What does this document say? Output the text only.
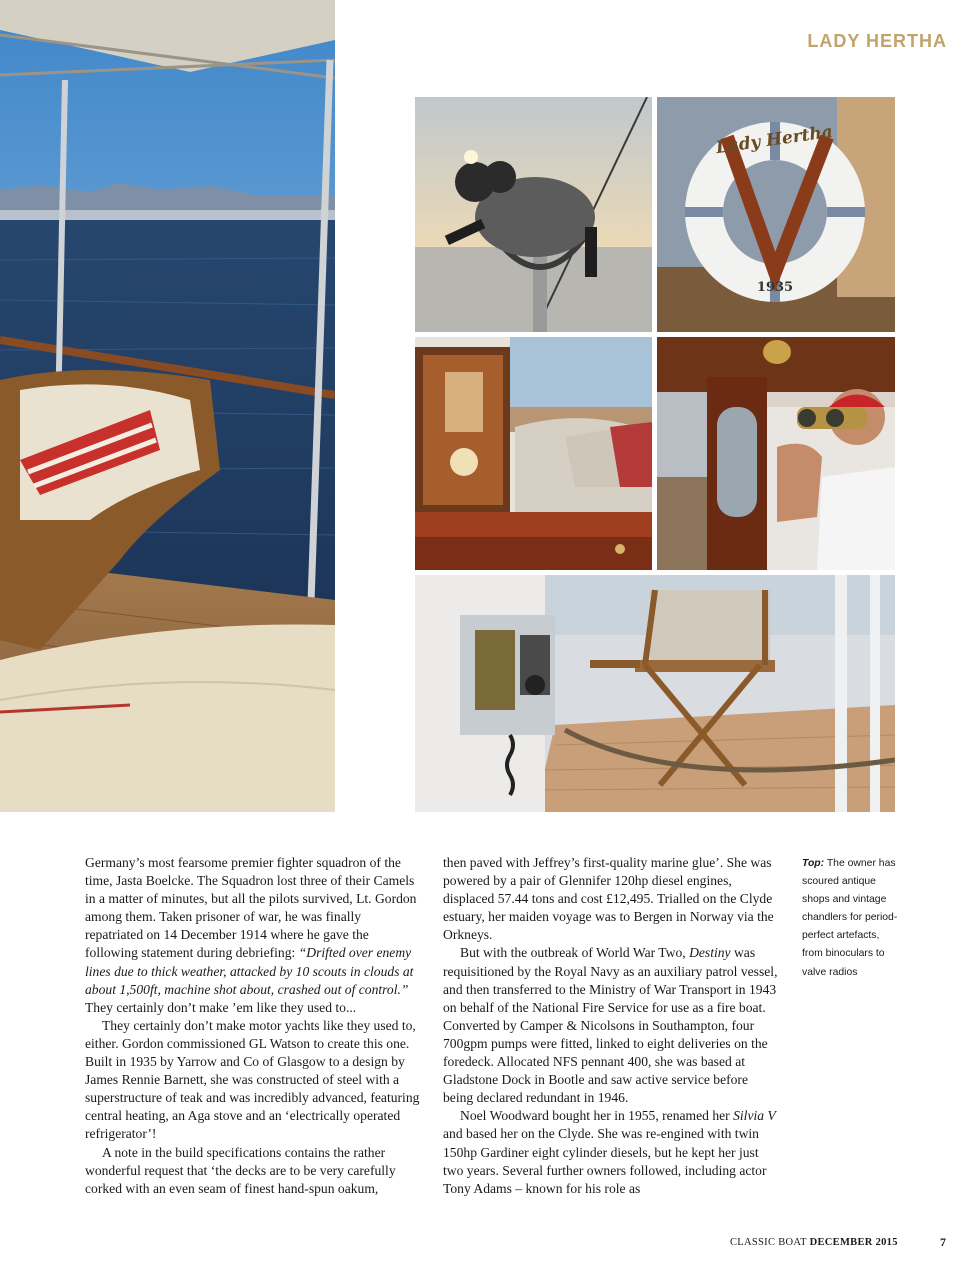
LADY HERTHA
Lady Hertha
1935

Germany’s most fearsome premier fighter squadron of the time, Jasta Boelcke. The Squadron lost three of their Camels in a matter of minutes, but all the pilots survived, Lt. Gordon among them. Taken prisoner of war, he was finally repatriated on 14 December 1914 where he gave the following statement during debriefing: “Drifted over enemy lines due to thick weather, attacked by 10 scouts in clouds at about 1,500ft, machine shot about, crashed out of control.” They certainly don’t make ’em like they used to...

They certainly don’t make motor yachts like they used to, either. Gordon commissioned GL Watson to create this one. Built in 1935 by Yarrow and Co of Glasgow to a design by James Rennie Barnett, she was constructed of steel with a superstructure of teak and was incredibly advanced, featuring central heating, an Aga stove and an ‘electrically operated refrigerator’!

A note in the build specifications contains the rather wonderful request that ‘the decks are to be very carefully corked with an even seam of finest hand-spun oakum,

then paved with Jeffrey’s first-quality marine glue’. She was powered by a pair of Glennifer 120hp diesel engines, displaced 57.44 tons and cost £12,495. Trialled on the Clyde estuary, her maiden voyage was to Bergen in Norway via the Orkneys.

But with the outbreak of World War Two, Destiny was requisitioned by the Royal Navy as an auxiliary patrol vessel, and then transferred to the Ministry of War Transport in 1943 on behalf of the National Fire Service for use as a fire boat. Converted by Camper & Nicolsons in Southampton, four 700gpm pumps were fitted, linked to eight deliveries on the foredeck. Allocated NFS pennant 400, she was based at Gladstone Dock in Bootle and saw active service before being declared redundant in 1946.

Noel Woodward bought her in 1955, renamed her Silvia V and based her on the Clyde. She was re-engined with twin 150hp Gardiner eight cylinder diesels, but he kept her just two years. Several further owners followed, including actor Tony Adams – known for his role as

Top: The owner has scoured antique shops and vintage chandlers for period-perfect artefacts, from binoculars to valve radios
CLASSIC BOAT DECEMBER 2015	7
